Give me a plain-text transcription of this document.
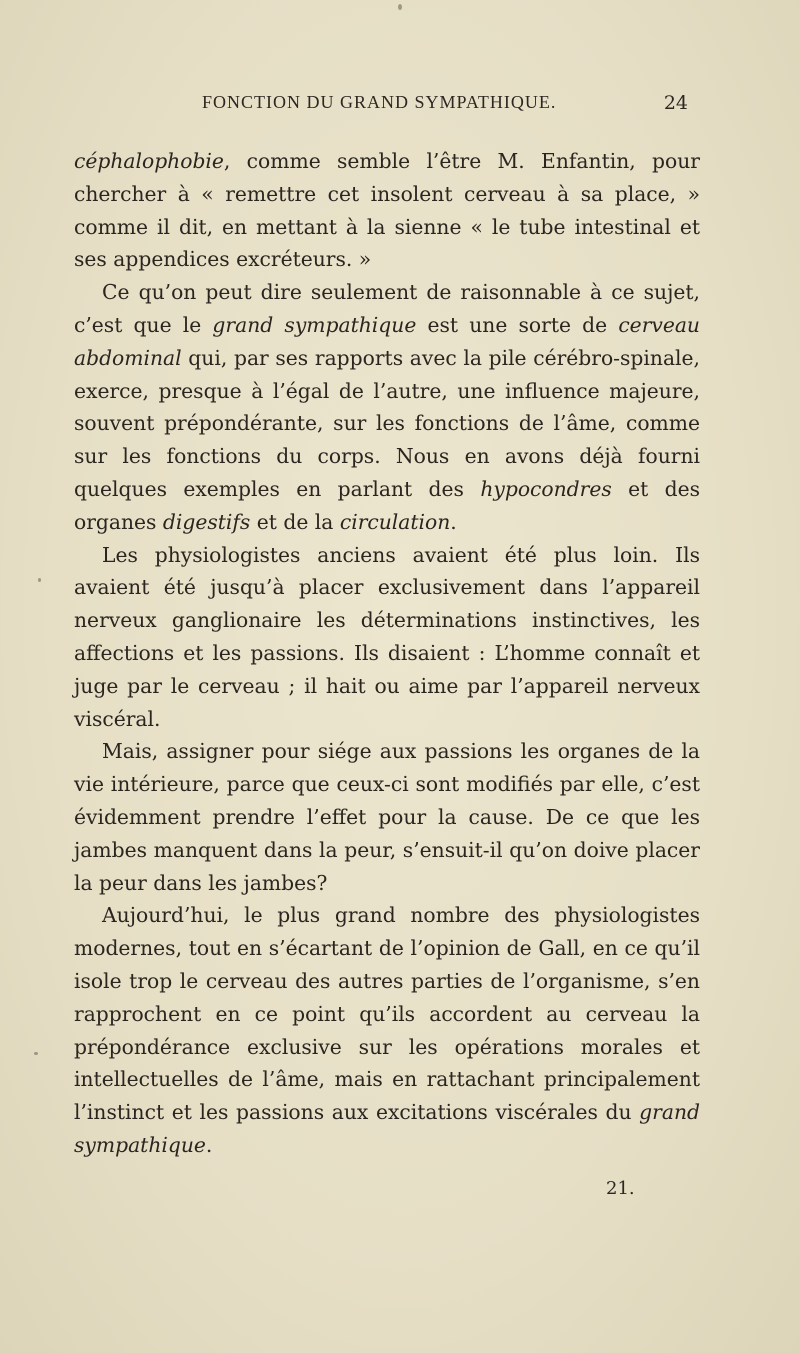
FONCTION DU GRAND SYMPATHIQUE.	24

céphalophobie, comme semble l’être M. Enfantin, pour chercher à « remettre cet insolent cerveau à sa place, » comme il dit, en mettant à la sienne « le tube intestinal et ses appendices excréteurs. »

Ce qu’on peut dire seulement de raisonnable à ce sujet, c’est que le grand sympathique est une sorte de cerveau abdominal qui, par ses rapports avec la pile cérébro-spinale, exerce, presque à l’égal de l’autre, une influence majeure, souvent prépondérante, sur les fonctions de l’âme, comme sur les fonctions du corps. Nous en avons déjà fourni quelques exemples en parlant des hypocondres et des organes digestifs et de la circulation.

Les physiologistes anciens avaient été plus loin. Ils avaient été jusqu’à placer exclusivement dans l’appareil nerveux ganglionaire les déterminations instinctives, les affections et les passions. Ils disaient : L’homme connaît et juge par le cerveau ; il hait ou aime par l’appareil nerveux viscéral.

Mais, assigner pour siége aux passions les organes de la vie intérieure, parce que ceux-ci sont modifiés par elle, c’est évidemment prendre l’effet pour la cause. De ce que les jambes manquent dans la peur, s’ensuit-il qu’on doive placer la peur dans les jambes?

Aujourd’hui, le plus grand nombre des physiologistes modernes, tout en s’écartant de l’opinion de Gall, en ce qu’il isole trop le cerveau des autres parties de l’organisme, s’en rapprochent en ce point qu’ils accordent au cerveau la prépondérance exclusive sur les opérations morales et intellectuelles de l’âme, mais en rattachant principalement l’instinct et les passions aux excitations viscérales du grand sympathique.

21.
